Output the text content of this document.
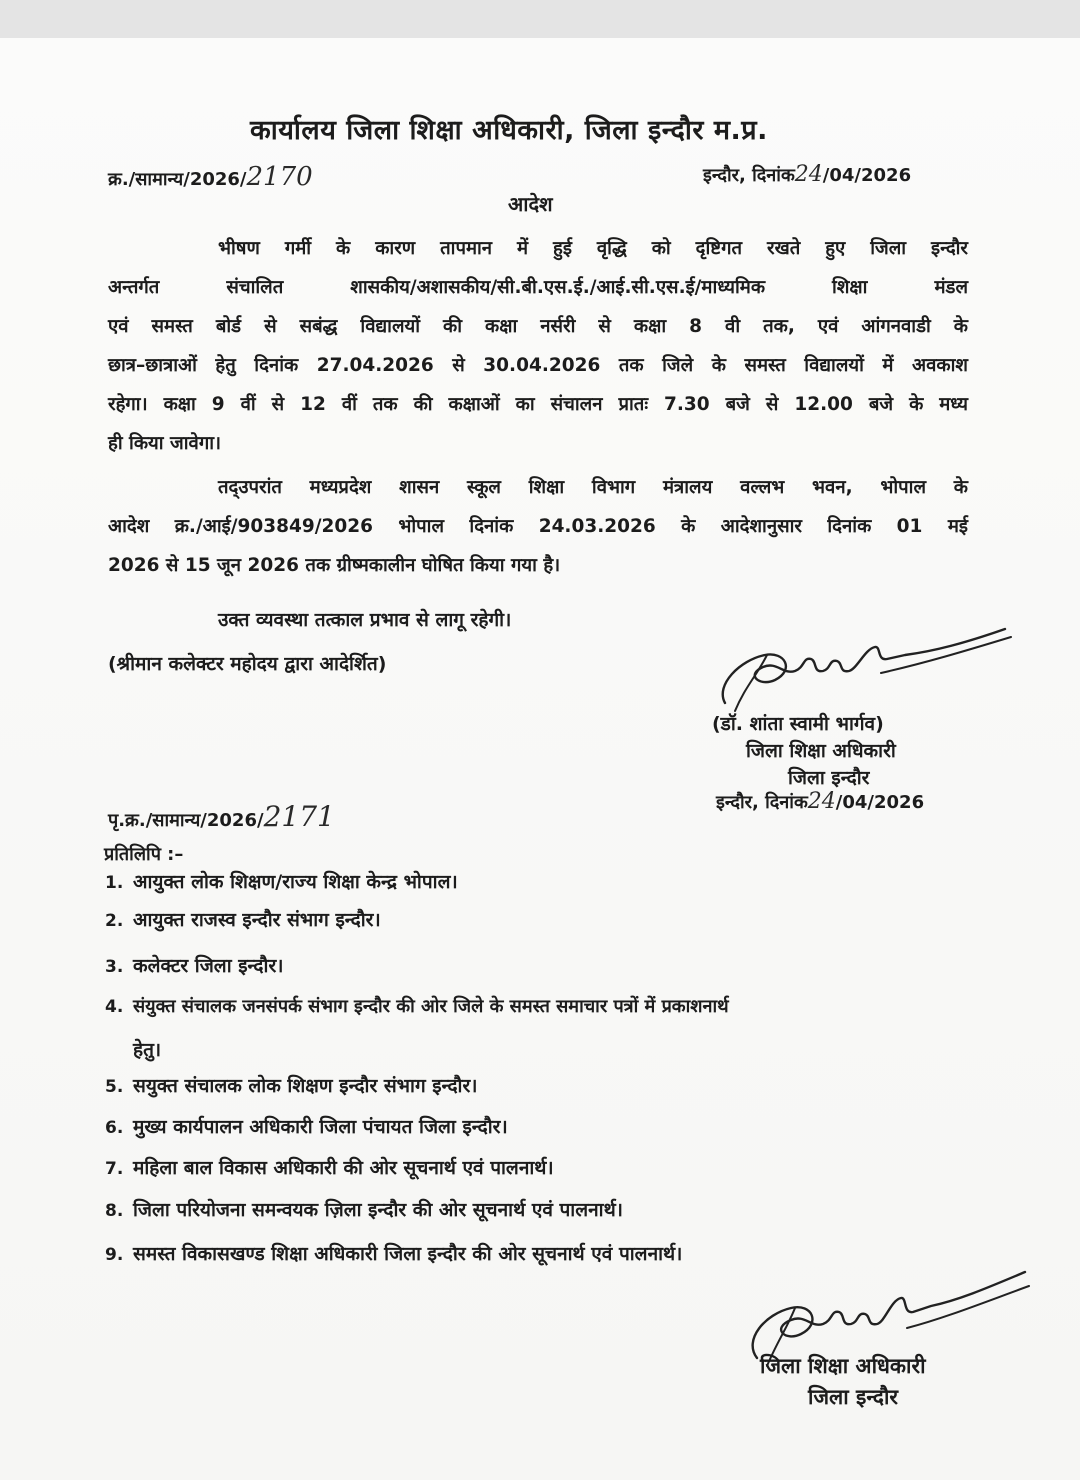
कार्यालय जिला शिक्षा अधिकारी, जिला इन्दौर म.प्र.
क्र./सामान्य/2026/2170	इन्दौर, दिनांक24/04/2026
आदेश
भीषण गर्मी के कारण तापमान में हुई वृद्धि को दृष्टिगत रखते हुए जिला इन्दौर
अन्तर्गत संचालित शासकीय/अशासकीय/सी.बी.एस.ई./आई.सी.एस.ई/माध्यमिक शिक्षा मंडल
एवं समस्त बोर्ड से सबंद्ध विद्यालयों की कक्षा नर्सरी से कक्षा 8 वी तक, एवं आंगनवाडी के
छात्र–छात्राओं हेतु दिनांक 27.04.2026 से 30.04.2026 तक जिले के समस्त विद्यालयों में अवकाश
रहेगा। कक्षा 9 वीं से 12 वीं तक की कक्षाओं का संचालन प्रातः 7.30 बजे से 12.00 बजे के मध्य
ही किया जावेगा।
तद्उपरांत मध्यप्रदेश शासन स्कूल शिक्षा विभाग मंत्रालय वल्लभ भवन, भोपाल के
आदेश क्र./आई/903849/2026 भोपाल दिनांक 24.03.2026 के आदेशानुसार दिनांक 01 मई
2026 से 15 जून 2026 तक ग्रीष्मकालीन घोषित किया गया है।
उक्त व्यवस्था तत्काल प्रभाव से लागू रहेगी।
(श्रीमान कलेक्टर महोदय द्वारा आदेर्शित)
(डॉ. शांता स्वामी भार्गव)
जिला शिक्षा अधिकारी
जिला इन्दौर
इन्दौर, दिनांक24/04/2026
पृ.क्र./सामान्य/2026/2171
प्रतिलिपि :–
1. आयुक्त लोक शिक्षण/राज्य शिक्षा केन्द्र भोपाल।
2. आयुक्त राजस्व इन्दौर संभाग इन्दौर।
3. कलेक्टर जिला इन्दौर।
4. संयुक्त संचालक जनसंपर्क संभाग इन्दौर की ओर जिले के समस्त समाचार पत्रों में प्रकाशनार्थ
हेतु।
5. सयुक्त संचालक लोक शिक्षण इन्दौर संभाग इन्दौर।
6. मुख्य कार्यपालन अधिकारी जिला पंचायत जिला इन्दौर।
7. महिला बाल विकास अधिकारी की ओर सूचनार्थ एवं पालनार्थ।
8. जिला परियोजना समन्वयक ज़िला इन्दौर की ओर सूचनार्थ एवं पालनार्थ।
9. समस्त विकासखण्ड शिक्षा अधिकारी जिला इन्दौर की ओर सूचनार्थ एवं पालनार्थ।
जिला शिक्षा अधिकारी
जिला इन्दौर
